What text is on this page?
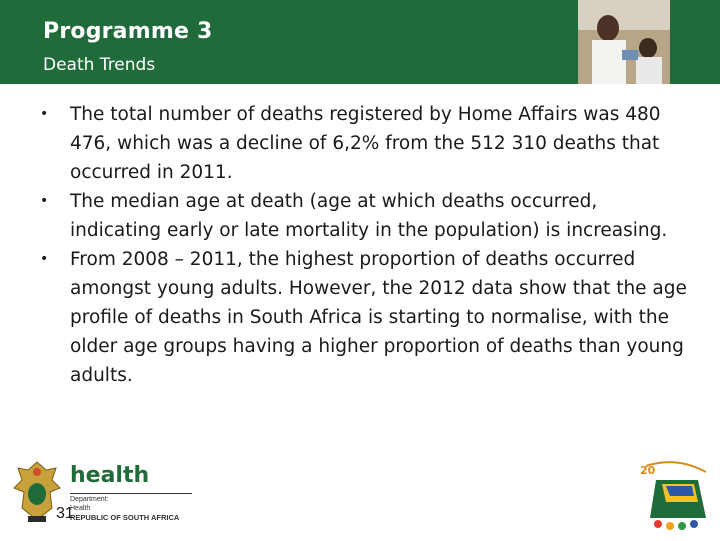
Programme 3
Death Trends
• The total number of deaths registered by Home Affairs was 480 476, which was a decline of 6,2% from the 512 310 deaths that occurred in 2011.
• The median age at death (age at which deaths occurred, indicating early or late mortality in the population) is increasing.
• From 2008 – 2011, the highest proportion of deaths occurred amongst young adults. However, the 2012 data show that the age profile of deaths in South Africa is starting to normalise, with the older age groups having a higher proportion of deaths than young adults.
health
Department:
Health
REPUBLIC OF SOUTH AFRICA
31
20
